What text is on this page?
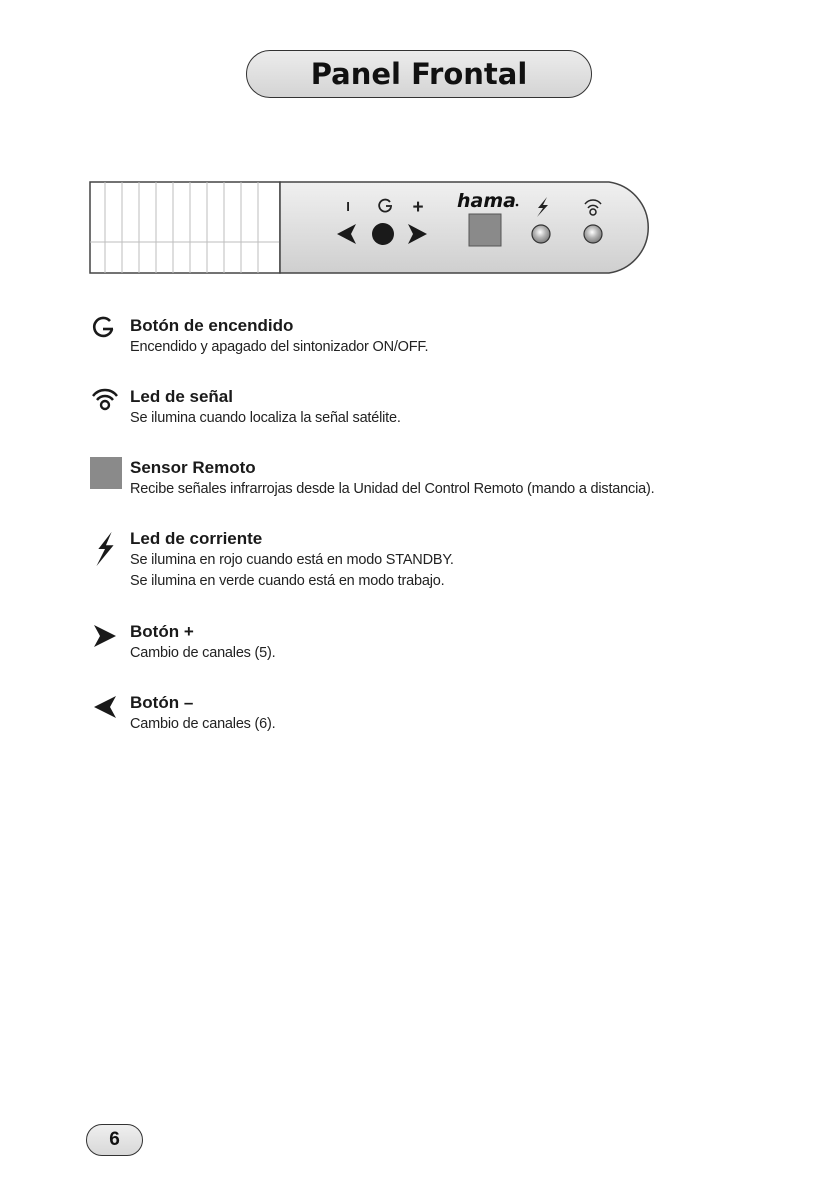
Panel Frontal
I	+ hama
Botón de encendido

Encendido y apagado del sintonizador ON/OFF.

Led de señal

Se ilumina cuando localiza la señal satélite.

Sensor Remoto

Recibe señales infrarrojas desde la Unidad del Control Remoto (mando a distancia).

Led de corriente

Se ilumina en rojo cuando está en modo STANDBY.

Se ilumina en verde cuando está en modo trabajo.

Botón +

Cambio de canales (5).

Botón –

Cambio de canales (6).

6
